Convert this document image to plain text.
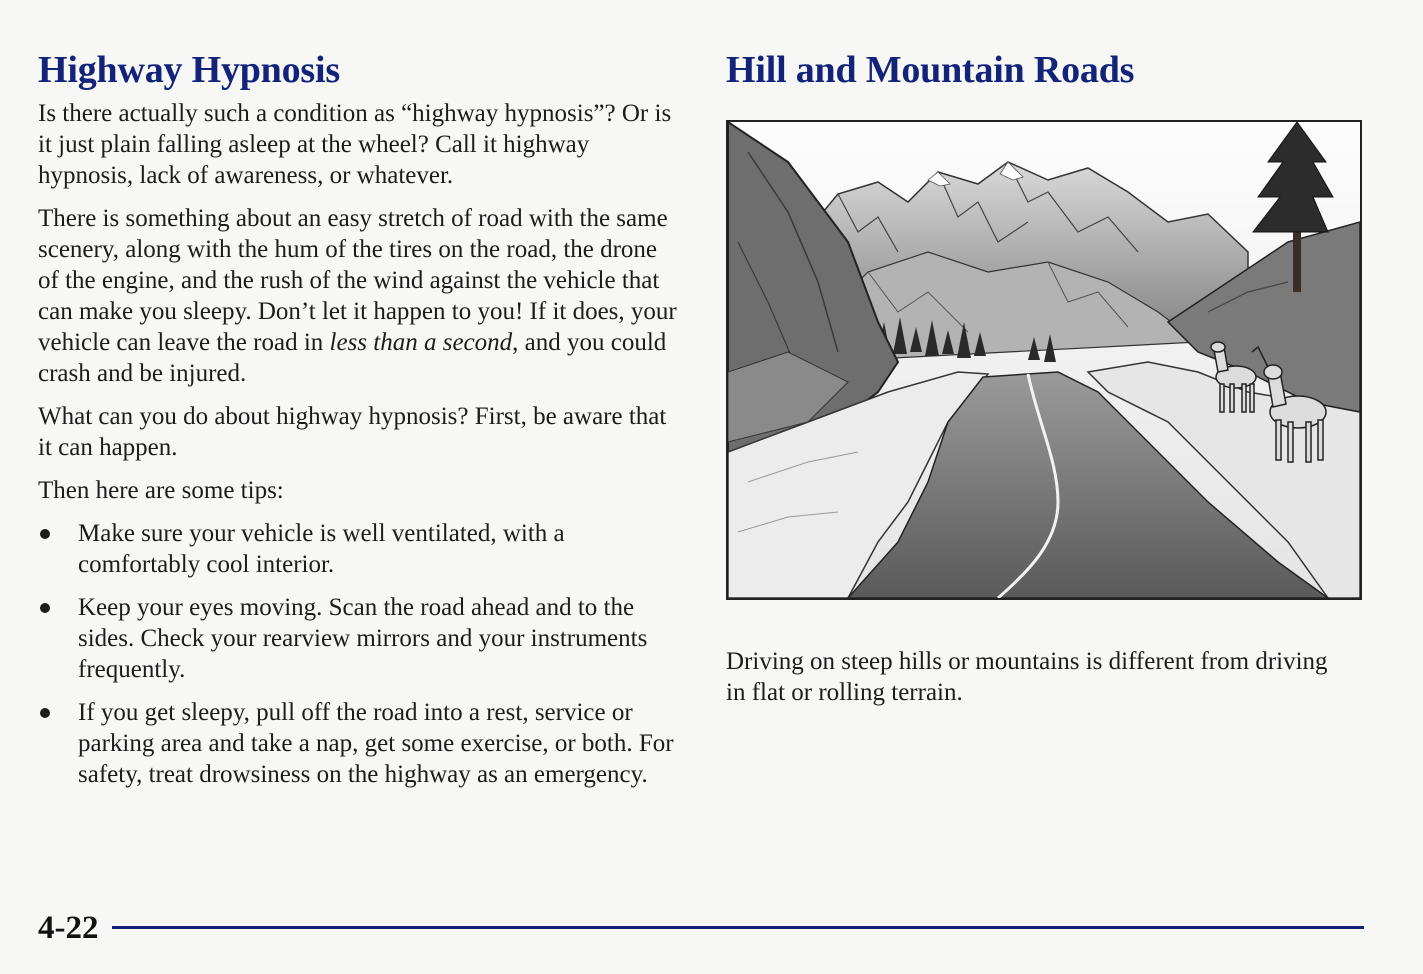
Highway Hypnosis

Is there actually such a condition as “highway hypnosis”? Or is it just plain falling asleep at the wheel? Call it highway hypnosis, lack of awareness, or whatever.

There is something about an easy stretch of road with the same scenery, along with the hum of the tires on the road, the drone of the engine, and the rush of the wind against the vehicle that can make you sleepy. Don’t let it happen to you! If it does, your vehicle can leave the road in less than a second, and you could crash and be injured.

What can you do about highway hypnosis? First, be aware that it can happen.

Then here are some tips:

Make sure your vehicle is well ventilated, with a comfortably cool interior.
Keep your eyes moving. Scan the road ahead and to the sides. Check your rearview mirrors and your instruments frequently.
If you get sleepy, pull off the road into a rest, service or parking area and take a nap, get some exercise, or both. For safety, treat drowsiness on the highway as an emergency.
Hill and Mountain Roads

Driving on steep hills or mountains is different from driving in flat or rolling terrain.

4-22
